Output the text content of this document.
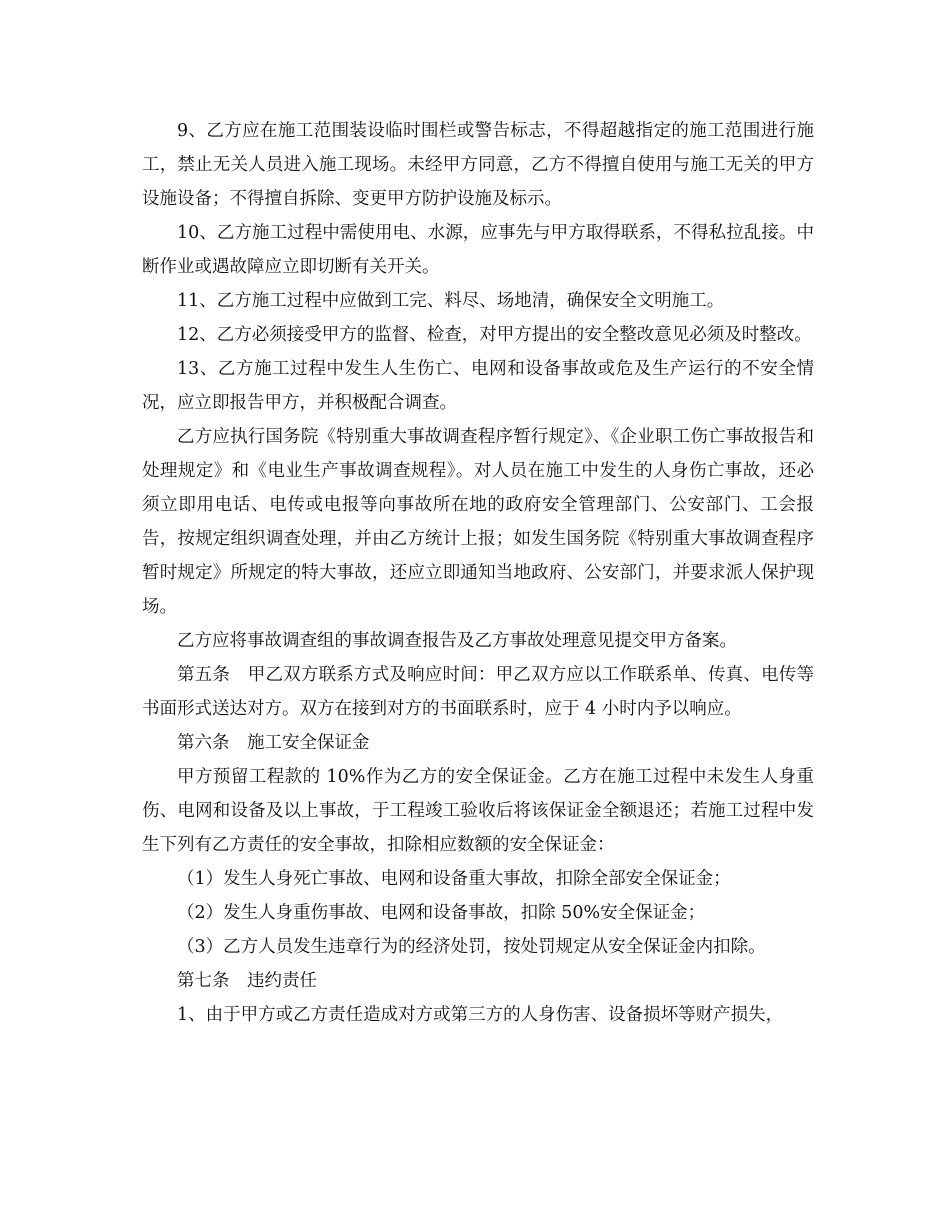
9、乙方应在施工范围装设临时围栏或警告标志，不得超越指定的施工范围进行施工，禁止无关人员进入施工现场。未经甲方同意，乙方不得擅自使用与施工无关的甲方设施设备；不得擅自拆除、变更甲方防护设施及标示。

10、乙方施工过程中需使用电、水源，应事先与甲方取得联系，不得私拉乱接。中断作业或遇故障应立即切断有关开关。

11、乙方施工过程中应做到工完、料尽、场地清，确保安全文明施工。

12、乙方必须接受甲方的监督、检查，对甲方提出的安全整改意见必须及时整改。

13、乙方施工过程中发生人生伤亡、电网和设备事故或危及生产运行的不安全情况，应立即报告甲方，并积极配合调查。

乙方应执行国务院《特别重大事故调查程序暂行规定》、《企业职工伤亡事故报告和处理规定》和《电业生产事故调查规程》。对人员在施工中发生的人身伤亡事故，还必须立即用电话、电传或电报等向事故所在地的政府安全管理部门、公安部门、工会报告，按规定组织调查处理，并由乙方统计上报；如发生国务院《特别重大事故调查程序暂时规定》所规定的特大事故，还应立即通知当地政府、公安部门，并要求派人保护现场。

乙方应将事故调查组的事故调查报告及乙方事故处理意见提交甲方备案。

第五条　甲乙双方联系方式及响应时间：甲乙双方应以工作联系单、传真、电传等书面形式送达对方。双方在接到对方的书面联系时，应于 4 小时内予以响应。

第六条　施工安全保证金

甲方预留工程款的 10%作为乙方的安全保证金。乙方在施工过程中未发生人身重伤、电网和设备及以上事故，于工程竣工验收后将该保证金全额退还；若施工过程中发生下列有乙方责任的安全事故，扣除相应数额的安全保证金：

（1）发生人身死亡事故、电网和设备重大事故，扣除全部安全保证金；

（2）发生人身重伤事故、电网和设备事故，扣除 50%安全保证金；

（3）乙方人员发生违章行为的经济处罚，按处罚规定从安全保证金内扣除。

第七条　违约责任

1、由于甲方或乙方责任造成对方或第三方的人身伤害、设备损坏等财产损失，
